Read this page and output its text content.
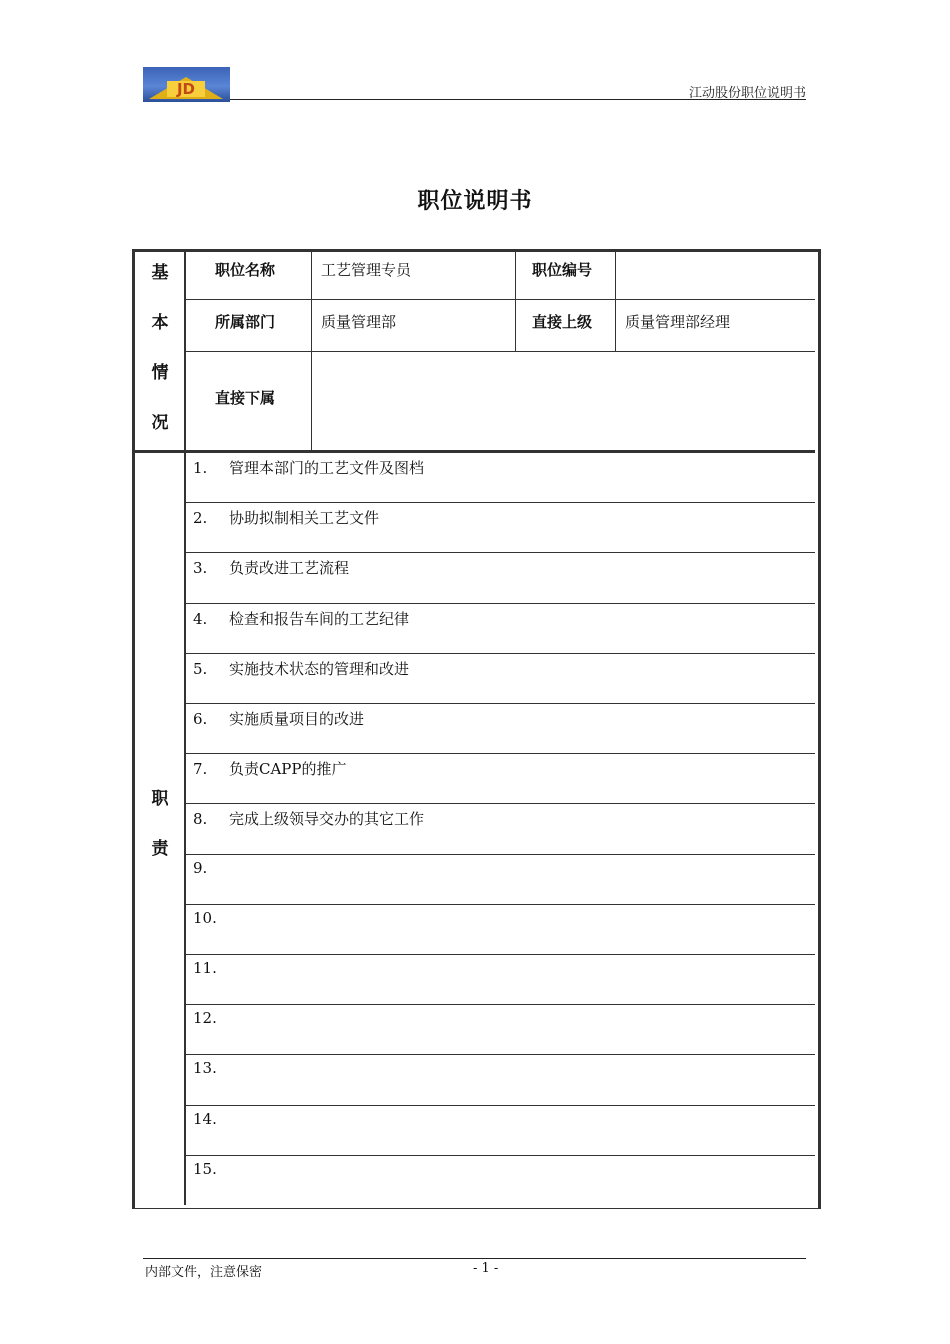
JD	江动股份职位说明书
职位说明书
基
本
情
况
职位名称	工艺管理专员	职位编号
所属部门	质量管理部	直接上级 质量管理部经理
直接下属
职
责
1. 管理本部门的工艺文件及图档
2. 协助拟制相关工艺文件
3. 负责改进工艺流程
4. 检查和报告车间的工艺纪律
5. 实施技术状态的管理和改进
6. 实施质量项目的改进
7. 负责CAPP的推广
8. 完成上级领导交办的其它工作
9.
10.
11.
12.
13.
14.
15.
内部文件，注意保密	- 1 -
